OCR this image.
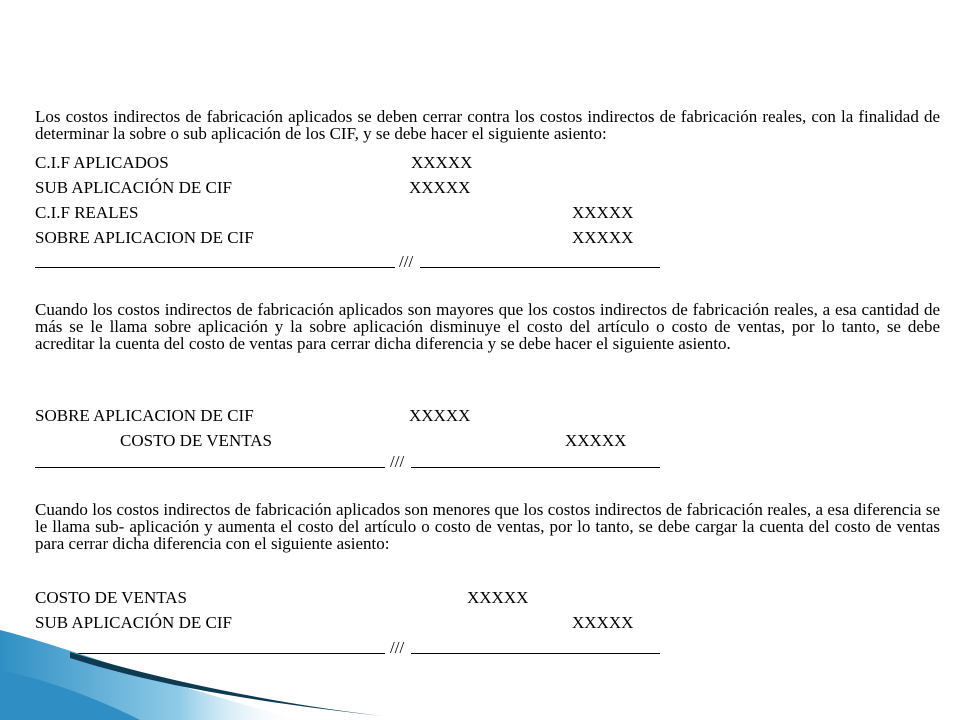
Los costos indirectos de fabricación aplicados se deben cerrar contra los costos indirectos de fabricación reales, con la finalidad de determinar la sobre o sub aplicación de los CIF, y se debe hacer el siguiente asiento:

C.I.F APLICADOS	XXXXX
SUB APLICACIÓN DE CIF	XXXXX
C.I.F REALES	XXXXX
SOBRE APLICACION DE CIF	XXXXX
///

Cuando los costos indirectos de fabricación aplicados son mayores que los costos indirectos de fabricación reales, a esa cantidad de más se le llama sobre aplicación y la sobre aplicación disminuye el costo del artículo o costo de ventas, por lo tanto, se debe acreditar la cuenta del costo de ventas para cerrar dicha diferencia y se debe hacer el siguiente asiento.

SOBRE APLICACION DE CIF	XXXXX
COSTO DE VENTAS	XXXXX
///

Cuando los costos indirectos de fabricación aplicados son menores que los costos indirectos de fabricación reales, a esa diferencia se le llama sub- aplicación y aumenta el costo del artículo o costo de ventas, por lo tanto, se debe cargar la cuenta del costo de ventas para cerrar dicha diferencia con el siguiente asiento:

COSTO DE VENTAS	XXXXX
SUB APLICACIÓN DE CIF	XXXXX
///
